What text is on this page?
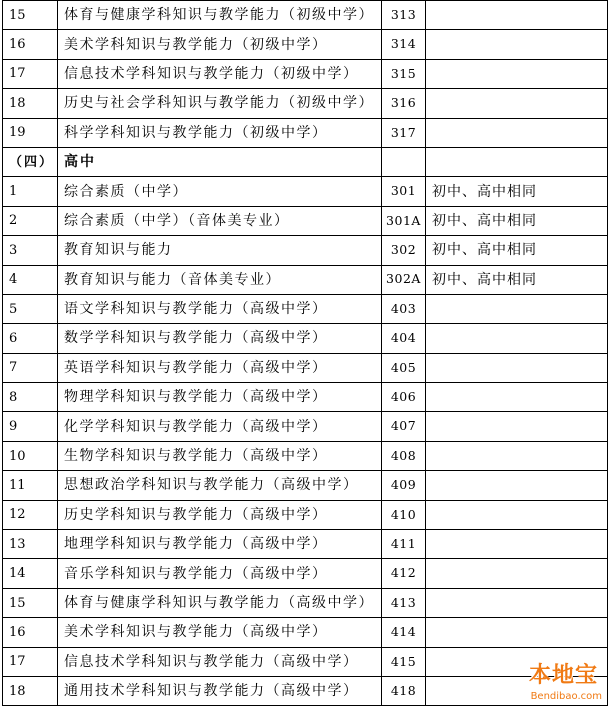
15	体育与健康学科知识与教学能力（初级中学）	313	
16	美术学科知识与教学能力（初级中学）	314	
17	信息技术学科知识与教学能力（初级中学）	315	
18	历史与社会学科知识与教学能力（初级中学）	316	
19	科学学科知识与教学能力（初级中学）	317	
（四）	高中		
1	综合素质（中学）	301	初中、高中相同
2	综合素质（中学）（音体美专业）	301A	初中、高中相同
3	教育知识与能力	302	初中、高中相同
4	教育知识与能力（音体美专业）	302A	初中、高中相同
5	语文学科知识与教学能力（高级中学）	403	
6	数学学科知识与教学能力（高级中学）	404	
7	英语学科知识与教学能力（高级中学）	405	
8	物理学科知识与教学能力（高级中学）	406	
9	化学学科知识与教学能力（高级中学）	407	
10	生物学科知识与教学能力（高级中学）	408	
11	思想政治学科知识与教学能力（高级中学）	409	
12	历史学科知识与教学能力（高级中学）	410	
13	地理学科知识与教学能力（高级中学）	411	
14	音乐学科知识与教学能力（高级中学）	412	
15	体育与健康学科知识与教学能力（高级中学）	413	
16	美术学科知识与教学能力（高级中学）	414	
17	信息技术学科知识与教学能力（高级中学）	415	
18	通用技术学科知识与教学能力（高级中学）	418	
本地宝
Bendibao.com
